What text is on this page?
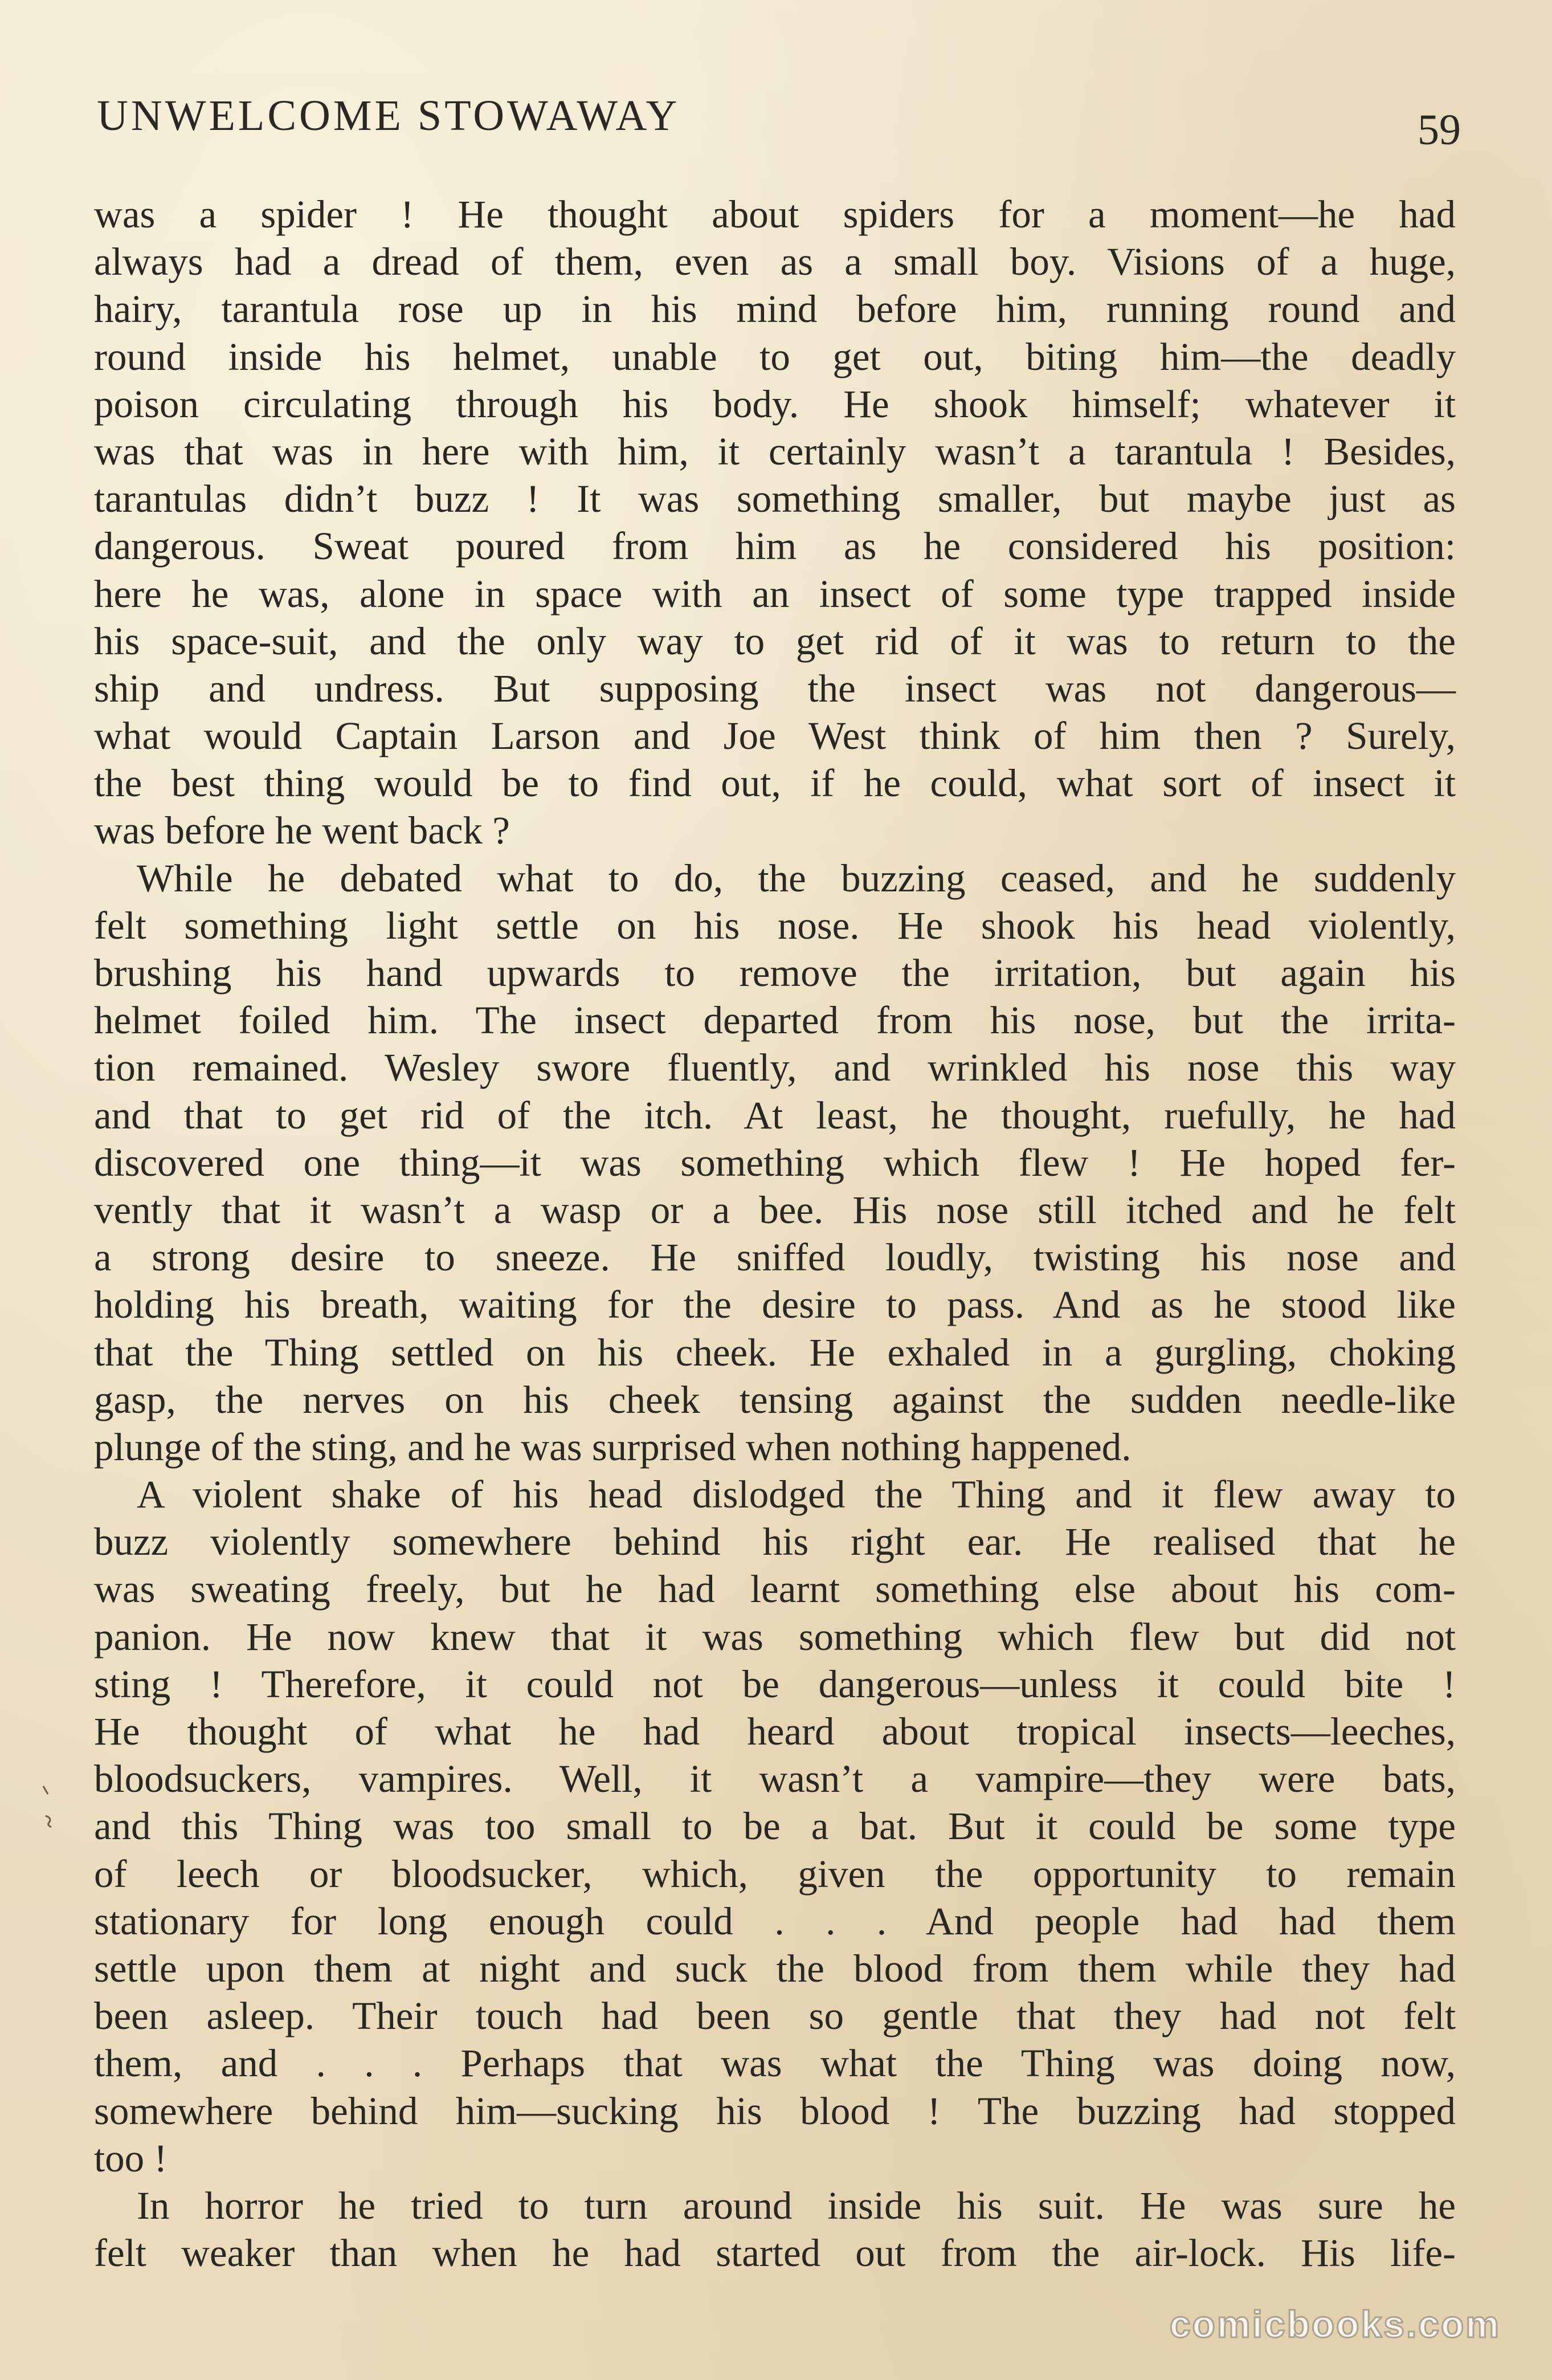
UNWELCOME STOWAWAY	59
was a spider ! He thought about spiders for a moment—he had
always had a dread of them, even as a small boy. Visions of a huge,
hairy, tarantula rose up in his mind before him, running round and
round inside his helmet, unable to get out, biting him—the deadly
poison circulating through his body. He shook himself; whatever it
was that was in here with him, it certainly wasn’t a tarantula ! Besides,
tarantulas didn’t buzz ! It was something smaller, but maybe just as
dangerous. Sweat poured from him as he considered his position:
here he was, alone in space with an insect of some type trapped inside
his space-suit, and the only way to get rid of it was to return to the
ship and undress. But supposing the insect was not dangerous—
what would Captain Larson and Joe West think of him then ? Surely,
the best thing would be to find out, if he could, what sort of insect it
was before he went back ?
While he debated what to do, the buzzing ceased, and he suddenly
felt something light settle on his nose. He shook his head violently,
brushing his hand upwards to remove the irritation, but again his
helmet foiled him. The insect departed from his nose, but the irrita-
tion remained. Wesley swore fluently, and wrinkled his nose this way
and that to get rid of the itch. At least, he thought, ruefully, he had
discovered one thing—it was something which flew ! He hoped fer-
vently that it wasn’t a wasp or a bee. His nose still itched and he felt
a strong desire to sneeze. He sniffed loudly, twisting his nose and
holding his breath, waiting for the desire to pass. And as he stood like
that the Thing settled on his cheek. He exhaled in a gurgling, choking
gasp, the nerves on his cheek tensing against the sudden needle-like
plunge of the sting, and he was surprised when nothing happened.
A violent shake of his head dislodged the Thing and it flew away to
buzz violently somewhere behind his right ear. He realised that he
was sweating freely, but he had learnt something else about his com-
panion. He now knew that it was something which flew but did not
sting ! Therefore, it could not be dangerous—unless it could bite !
He thought of what he had heard about tropical insects—leeches,
bloodsuckers, vampires. Well, it wasn’t a vampire—they were bats,
and this Thing was too small to be a bat. But it could be some type
of leech or bloodsucker, which, given the opportunity to remain
stationary for long enough could . . . And people had had them
settle upon them at night and suck the blood from them while they had
been asleep. Their touch had been so gentle that they had not felt
them, and . . . Perhaps that was what the Thing was doing now,
somewhere behind him—sucking his blood ! The buzzing had stopped
too !
In horror he tried to turn around inside his suit. He was sure he
felt weaker than when he had started out from the air-lock. His life-
comicbooks.com
